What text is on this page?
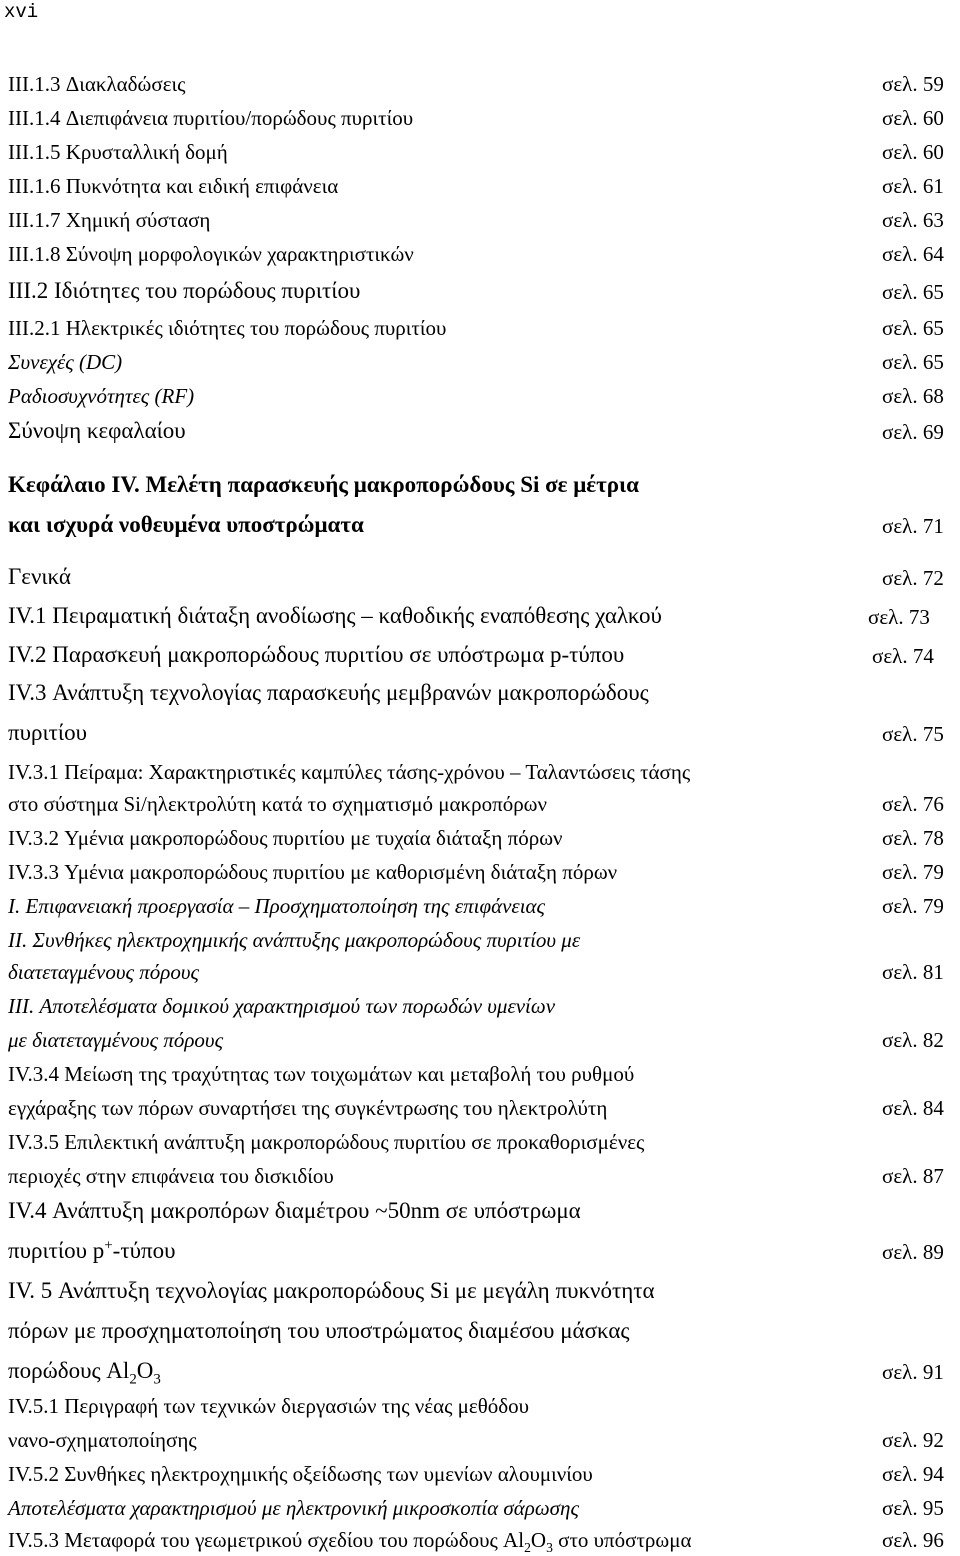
xvi
III.1.3 Διακλαδώσεις	σελ. 59
III.1.4 Διεπιφάνεια πυριτίου/πορώδους πυριτίου	σελ. 60
III.1.5 Κρυσταλλική δομή	σελ. 60
III.1.6 Πυκνότητα και ειδική επιφάνεια	σελ. 61
III.1.7 Χημική σύσταση	σελ. 63
III.1.8 Σύνοψη μορφολογικών χαρακτηριστικών	σελ. 64
III.2 Ιδιότητες του πορώδους πυριτίου	σελ. 65
III.2.1 Ηλεκτρικές ιδιότητες του πορώδους πυριτίου	σελ. 65
Συνεχές (DC)	σελ. 65
Ραδιοσυχνότητες (RF)	σελ. 68
Σύνοψη κεφαλαίου	σελ. 69
Κεφάλαιο IV. Μελέτη παρασκευής μακροπορώδους Si σε μέτρια
και ισχυρά νοθευμένα υποστρώματα	σελ. 71
Γενικά	σελ. 72
IV.1 Πειραματική διάταξη ανοδίωσης – καθοδικής εναπόθεσης χαλκού	σελ. 73
IV.2 Παρασκευή μακροπορώδους πυριτίου σε υπόστρωμα p-τύπου	σελ. 74
IV.3 Ανάπτυξη τεχνολογίας παρασκευής μεμβρανών μακροπορώδους
πυριτίου	σελ. 75
IV.3.1 Πείραμα: Χαρακτηριστικές καμπύλες τάσης-χρόνου – Ταλαντώσεις τάσης
στο σύστημα Si/ηλεκτρολύτη κατά το σχηματισμό μακροπόρων	σελ. 76
IV.3.2 Υμένια μακροπορώδους πυριτίου με τυχαία διάταξη πόρων	σελ. 78
IV.3.3 Υμένια μακροπορώδους πυριτίου με καθορισμένη διάταξη πόρων	σελ. 79
I. Επιφανειακή προεργασία – Προσχηματοποίηση της επιφάνειας	σελ. 79
II. Συνθήκες ηλεκτροχημικής ανάπτυξης μακροπορώδους πυριτίου με
διατεταγμένους πόρους	σελ. 81
III. Αποτελέσματα δομικού χαρακτηρισμού των πορωδών υμενίων
με διατεταγμένους πόρους	σελ. 82
IV.3.4 Μείωση της τραχύτητας των τοιχωμάτων και μεταβολή του ρυθμού
εγχάραξης των πόρων συναρτήσει της συγκέντρωσης του ηλεκτρολύτη	σελ. 84
IV.3.5 Επιλεκτική ανάπτυξη μακροπορώδους πυριτίου σε προκαθορισμένες
περιοχές στην επιφάνεια του δισκιδίου	σελ. 87
IV.4 Ανάπτυξη μακροπόρων διαμέτρου ~50nm σε υπόστρωμα
πυριτίου p+-τύπου	σελ. 89
IV. 5 Ανάπτυξη τεχνολογίας μακροπορώδους Si με μεγάλη πυκνότητα
πόρων με προσχηματοποίηση του υποστρώματος διαμέσου μάσκας
πορώδους $Al_2O_3$	σελ. 91
IV.5.1 Περιγραφή των τεχνικών διεργασιών της νέας μεθόδου
νανο-σχηματοποίησης	σελ. 92
IV.5.2 Συνθήκες ηλεκτροχημικής οξείδωσης των υμενίων αλουμινίου	σελ. 94
Αποτελέσματα χαρακτηρισμού με ηλεκτρονική μικροσκοπία σάρωσης	σελ. 95
IV.5.3 Μεταφορά του γεωμετρικού σχεδίου του πορώδους $Al_2O_3$ στο υπόστρωμα	σελ. 96
